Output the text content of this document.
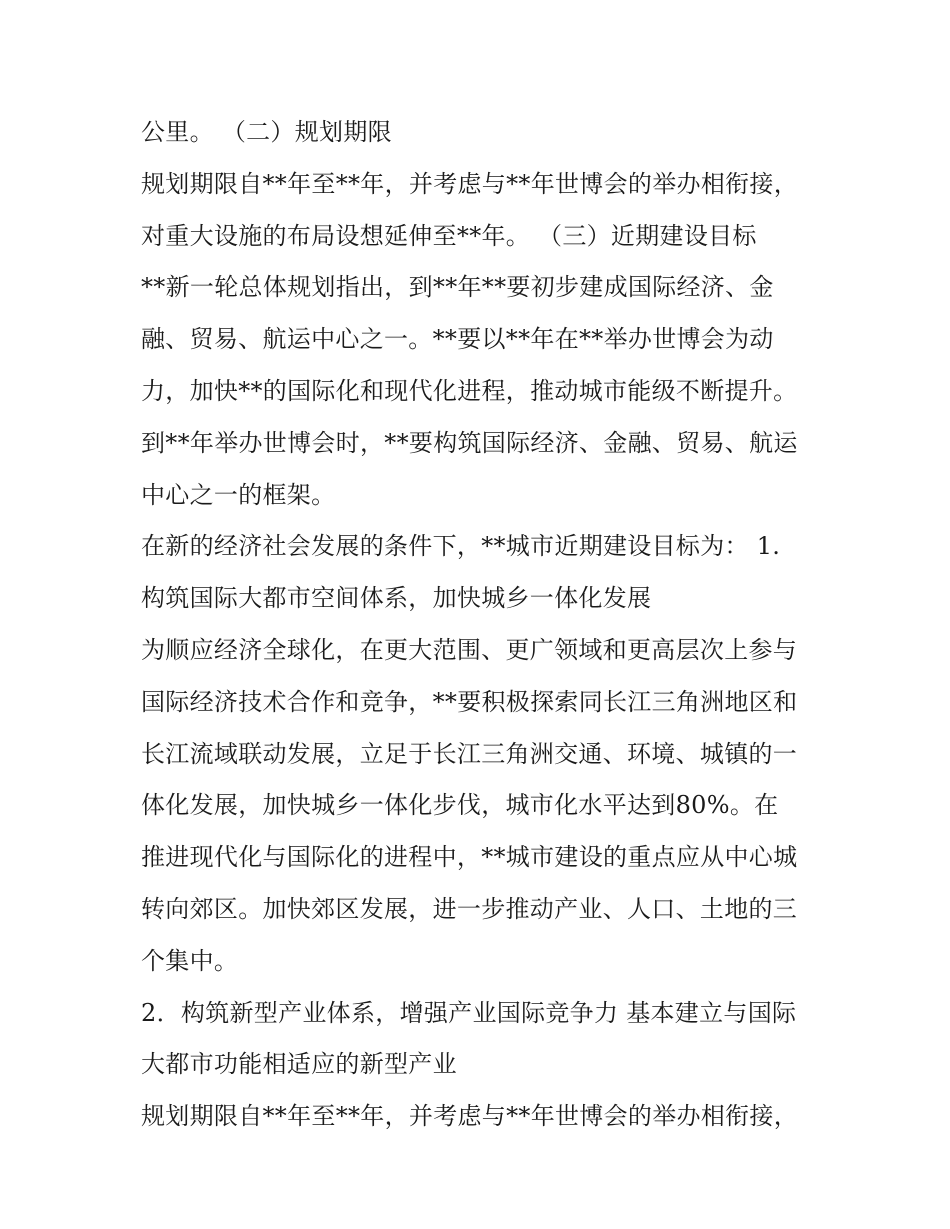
公里。 （二）规划期限
规划期限自**年至**年，并考虑与**年世博会的举办相衔接，
对重大设施的布局设想延伸至**年。 （三）近期建设目标
**新一轮总体规划指出，到**年**要初步建成国际经济、金
融、贸易、航运中心之一。**要以**年在**举办世博会为动
力，加快**的国际化和现代化进程，推动城市能级不断提升。
到**年举办世博会时，**要构筑国际经济、金融、贸易、航运
中心之一的框架。
在新的经济社会发展的条件下，**城市近期建设目标为： 1.
构筑国际大都市空间体系，加快城乡一体化发展
为顺应经济全球化，在更大范围、更广领域和更高层次上参与
国际经济技术合作和竞争，**要积极探索同长江三角洲地区和
长江流域联动发展，立足于长江三角洲交通、环境、城镇的一
体化发展，加快城乡一体化步伐，城市化水平达到80%。在
推进现代化与国际化的进程中，**城市建设的重点应从中心城
转向郊区。加快郊区发展，进一步推动产业、人口、土地的三
个集中。
2．构筑新型产业体系，增强产业国际竞争力 基本建立与国际
大都市功能相适应的新型产业
规划期限自**年至**年，并考虑与**年世博会的举办相衔接，
